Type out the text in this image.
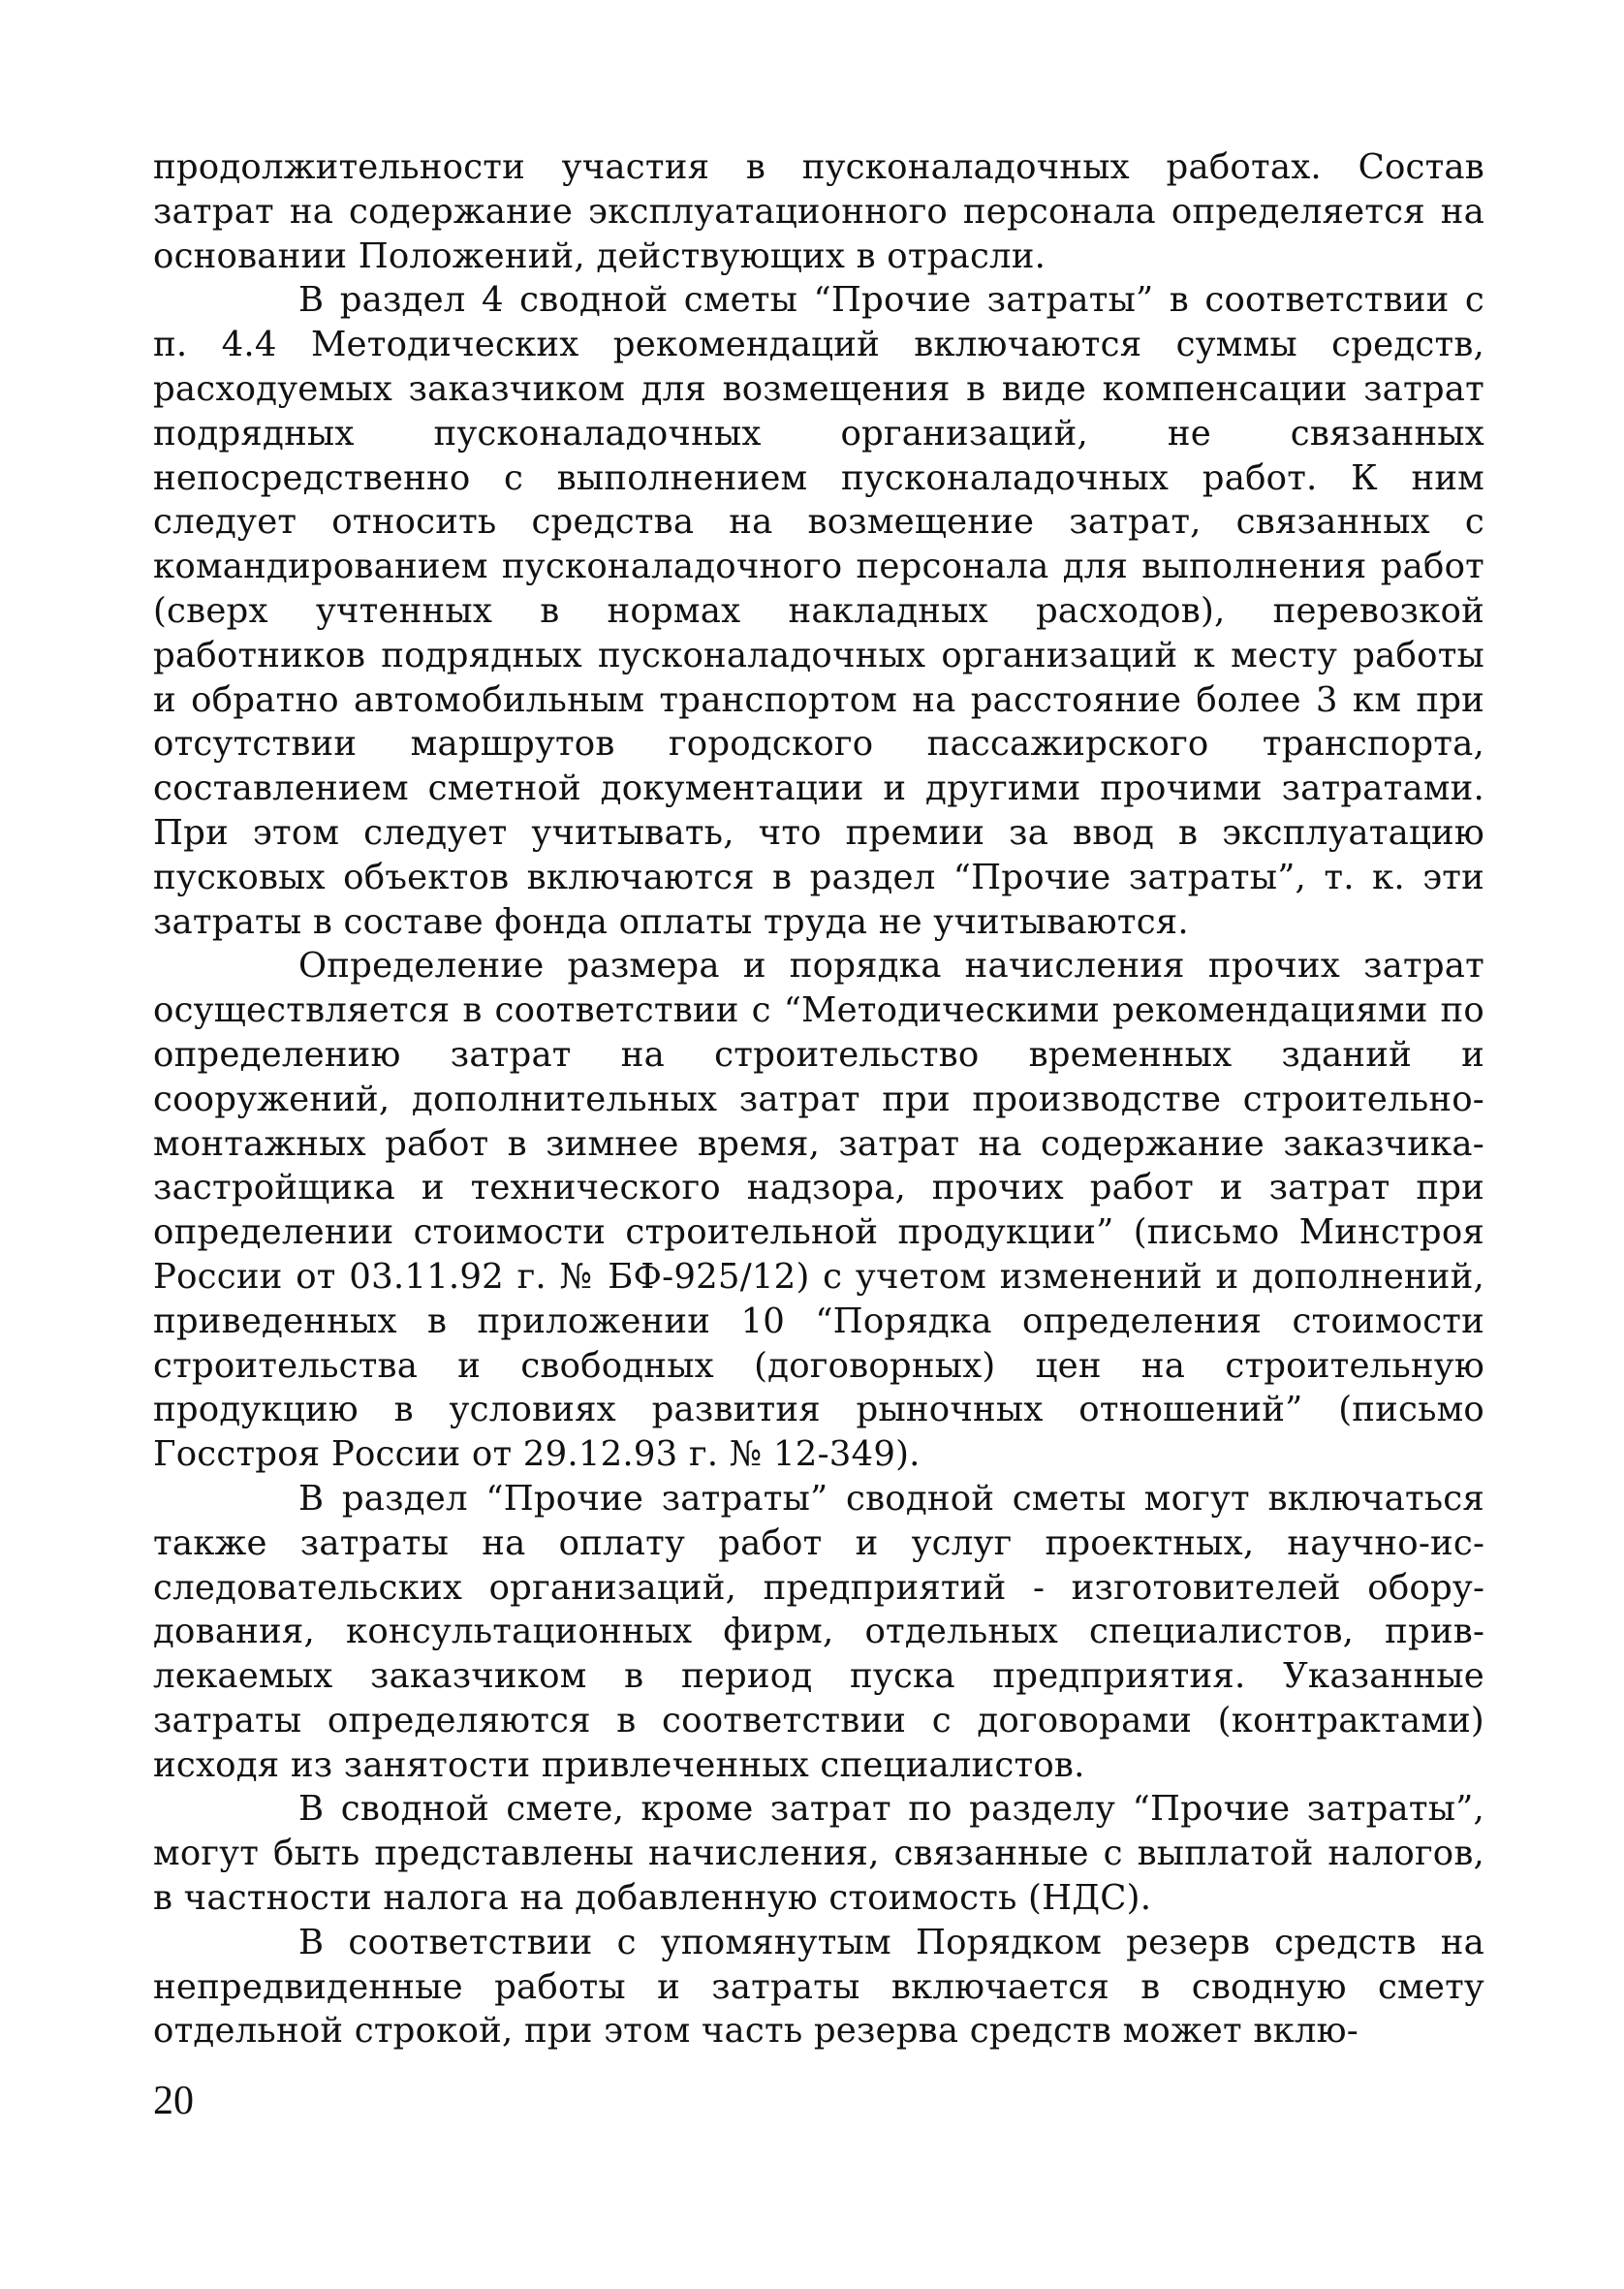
продолжительности участия в пусконаладочных работах. Состав затрат на содержание эксплуатационного персонала определяется на основании Положений, действующих в отрасли.

В раздел 4 сводной сметы “Прочие затраты” в соответствии с п. 4.4 Методических рекомендаций включаются суммы средств, расходуемых заказчиком для возмещения в виде компенсации затрат подрядных пусконаладочных организаций, не связанных непосредственно с выполнением пусконаладочных работ. К ним следует относить средства на возмещение затрат, связанных с командированием пусконаладочного персонала для выполнения работ (сверх учтенных в нормах накладных расходов), перевозкой работников подрядных пусконаладочных организаций к месту работы и обратно автомобильным транспортом на расстояние более 3 км при отсутствии маршрутов городского пассажирского транспорта, составлением сметной документации и другими прочими затратами. При этом следует учитывать, что премии за ввод в эксплуатацию пусковых объектов включаются в раздел “Прочие затраты”, т. к. эти затраты в составе фонда оплаты труда не учитываются.

Определение размера и порядка начисления прочих затрат осуществляется в соответствии с “Методическими рекомендациями по определению затрат на строительство временных зданий и сооружений, дополнительных затрат при производстве строительно-монтажных работ в зимнее время, затрат на содержание заказчика-застройщика и технического надзора, прочих работ и затрат при определении стоимости строительной продукции” (письмо Минстроя России от 03.11.92 г. № БФ-925/12) с учетом изменений и дополнений, приведенных в приложении 10 “Порядка определения стоимости строительства и свободных (договорных) цен на строительную продукцию в условиях развития рыночных отношений” (письмо Госстроя России от 29.12.93 г. № 12-349).

В раздел “Прочие затраты” сводной сметы могут включаться также затраты на оплату работ и услуг проектных, научно-исследовательских организаций, предприятий - изготовителей оборудования, консультационных фирм, отдельных специалистов, привлекаемых заказчиком в период пуска предприятия. Указанные затраты определяются в соответствии с договорами (контрактами) исходя из занятости привлеченных специалистов.

В сводной смете, кроме затрат по разделу “Прочие затраты”, могут быть представлены начисления, связанные с выплатой налогов, в частности налога на добавленную стоимость (НДС).

В соответствии с упомянутым Порядком резерв средств на непредвиденные работы и затраты включается в сводную смету отдельной строкой, при этом часть резерва средств может вклю-

20
